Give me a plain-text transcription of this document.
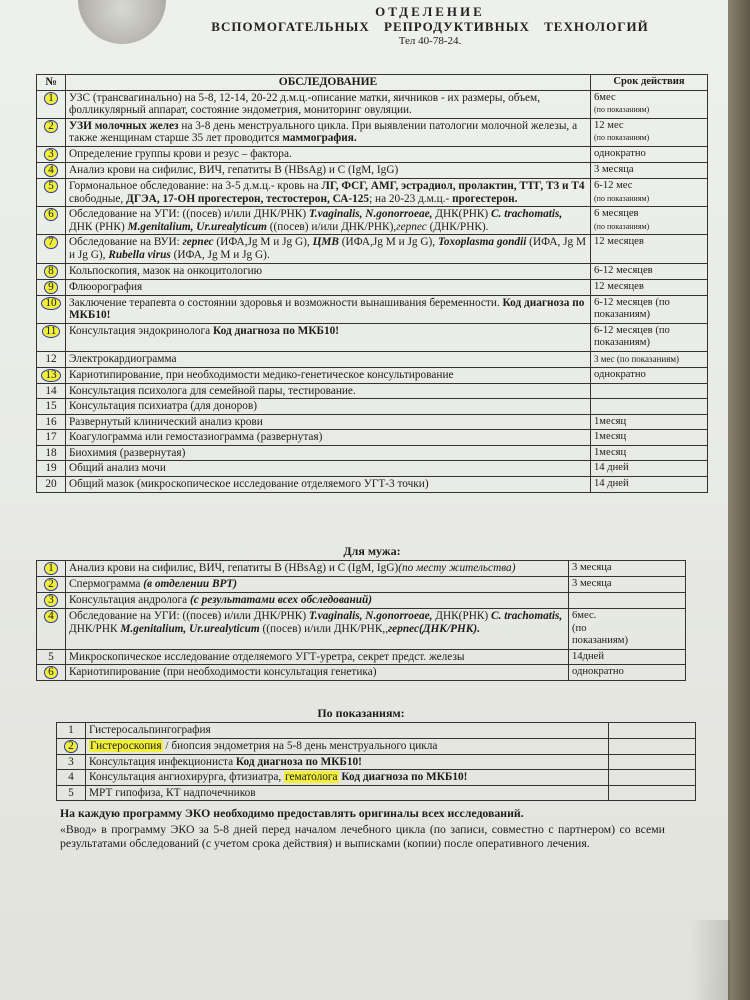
ОТДЕЛЕНИЕ
ВСПОМОГАТЕЛЬНЫХ РЕПРОДУКТИВНЫХ ТЕХНОЛОГИЙ
Тел 40-78-24.
№	ОБСЛЕДОВАНИЕ	Срок действия
1	УЗС (трансвагинально) на 5-8, 12-14, 20-22 д.м.ц.-описание матки, яичников - их размеры, объем, фолликулярный аппарат, состояние эндометрия, мониторинг овуляции.	6мес
(по показаниям)
2	УЗИ молочных желез на 3-8 день менструального цикла. При выявлении патологии молочной железы, а также женщинам старше 35 лет проводится маммография.	12 мес
(по показаниям)
3	Определение группы крови и резус – фактора.	однократно
4	Анализ крови на сифилис, ВИЧ, гепатиты В (HBsAg) и С (IgM, IgG)	3 месяца
5	Гормональное обследование: на 3-5 д.м.ц.- кровь на ЛГ, ФСГ, АМГ, эстрадиол, пролактин, ТТГ, Т3 и Т4 свободные, ДГЭА, 17-ОН прогестерон, тестостерон, СА-125; на 20-23 д.м.ц.- прогестерон.	6-12 мес
(по показаниям)
6	Обследование на УГИ: ((посев) и/или ДНК/РНК) T.vaginalis, N.gonorroeae, ДНК(РНК) C. trachomatis, ДНК (РНК) M.genitalium, Ur.urealyticum ((посев) и/или ДНК/РНК),герпес (ДНК/РНК).	6 месяцев
(по показаниям)
7	Обследование на ВУИ: герпес (ИФА,Jg M и Jg G), ЦМВ (ИФА,Jg M и Jg G), Toxoplasma gondii (ИФА, Jg M и Jg G), Rubella virus (ИФА, Jg M и Jg G).	12 месяцев
8	Кольпоскопия, мазок на онкоцитологию	6-12 месяцев
9	Флюорография	12 месяцев
10	Заключение терапевта о состоянии здоровья и возможности вынашивания беременности. Код диагноза по МКБ10!	6-12 месяцев (по показаниям)
11	Консультация эндокринолога Код диагноза по МКБ10!	6-12 месяцев (по показаниям)
12	Электрокардиограмма	3 мес (по показаниям)
13	Кариотипирование, при необходимости медико-генетическое консультирование	однократно
14	Консультация психолога для семейной пары, тестирование.	
15	Консультация психиатра (для доноров)	
16	Развернутый клинический анализ крови	1месяц
17	Коагулограмма или гемостазиограмма (развернутая)	1месяц
18	Биохимия (развернутая)	1месяц
19	Общий анализ мочи	14 дней
20	Общий мазок (микроскопическое исследование отделяемого УГТ-3 точки)	14 дней
Для мужа:
1	Анализ крови на сифилис, ВИЧ, гепатиты В (HBsAg) и С (IgM, IgG)(по месту жительства)	3 месяца
2	Спермограмма (в отделении ВРТ)	3 месяца
3	Консультация андролога (с результатами всех обследований)	
4	Обследование на УГИ: ((посев) и/или ДНК/РНК) T.vaginalis, N.gonorroeae, ДНК(РНК) C. trachomatis, ДНК/РНК M.genitalium, Ur.urealyticum ((посев) и/или ДНК/РНК,,герпес(ДНК/РНК).	6мес.
(по
показаниям)
5	Микроскопическое исследование отделяемого УГТ-уретра, секрет предст. железы	14дней
6	Кариотипирование (при необходимости консультация генетика)	однократно
По показаниям:
1	Гистеросальпингография	
2	Гистероскопия / биопсия эндометрия на 5-8 день менструального цикла	
3	Консультация инфекциониста Код диагноза по МКБ10!	
4	Консультация ангиохирурга, фтизиатра, гематолога Код диагноза по МКБ10!	
5	МРТ гипофиза, КТ надпочечников	
На каждую программу ЭКО необходимо предоставлять оригиналы всех исследований.
«Ввод» в программу ЭКО за 5-8 дней перед началом лечебного цикла (по записи, совместно с партнером) со всеми результатами обследований (с учетом срока действия) и выписками (копии) после оперативного лечения.
